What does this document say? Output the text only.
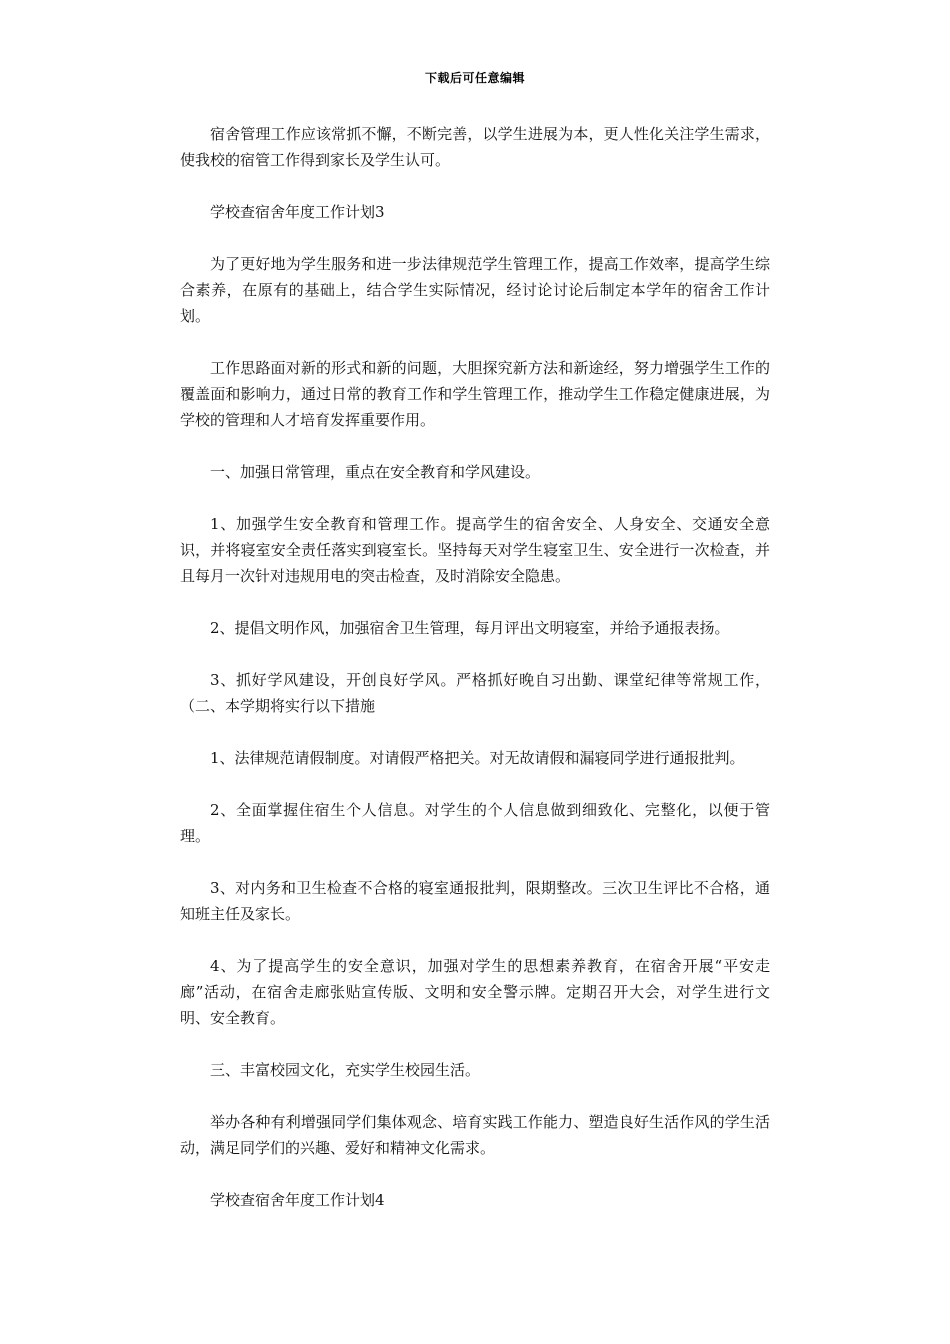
下载后可任意编辑

宿舍管理工作应该常抓不懈，不断完善，以学生进展为本，更人性化关注学生需求，使我校的宿管工作得到家长及学生认可。

学校查宿舍年度工作计划3

为了更好地为学生服务和进一步法律规范学生管理工作，提高工作效率，提高学生综合素养，在原有的基础上，结合学生实际情况，经讨论讨论后制定本学年的宿舍工作计划。

工作思路面对新的形式和新的问题，大胆探究新方法和新途经，努力增强学生工作的覆盖面和影响力，通过日常的教育工作和学生管理工作，推动学生工作稳定健康进展，为学校的管理和人才培育发挥重要作用。

一、加强日常管理，重点在安全教育和学风建设。

1、加强学生安全教育和管理工作。提高学生的宿舍安全、人身安全、交通安全意识，并将寝室安全责任落实到寝室长。坚持每天对学生寝室卫生、安全进行一次检查，并且每月一次针对违规用电的突击检查，及时消除安全隐患。

2、提倡文明作风，加强宿舍卫生管理，每月评出文明寝室，并给予通报表扬。

3、抓好学风建设，开创良好学风。严格抓好晚自习出勤、课堂纪律等常规工作，（二、本学期将实行以下措施

1、法律规范请假制度。对请假严格把关。对无故请假和漏寝同学进行通报批判。

2、全面掌握住宿生个人信息。对学生的个人信息做到细致化、完整化，以便于管理。

3、对内务和卫生检查不合格的寝室通报批判，限期整改。三次卫生评比不合格，通知班主任及家长。

4、为了提高学生的安全意识，加强对学生的思想素养教育，在宿舍开展“平安走廊”活动，在宿舍走廊张贴宣传版、文明和安全警示牌。定期召开大会，对学生进行文明、安全教育。

三、丰富校园文化，充实学生校园生活。

举办各种有利增强同学们集体观念、培育实践工作能力、塑造良好生活作风的学生活动，满足同学们的兴趣、爱好和精神文化需求。

学校查宿舍年度工作计划4
